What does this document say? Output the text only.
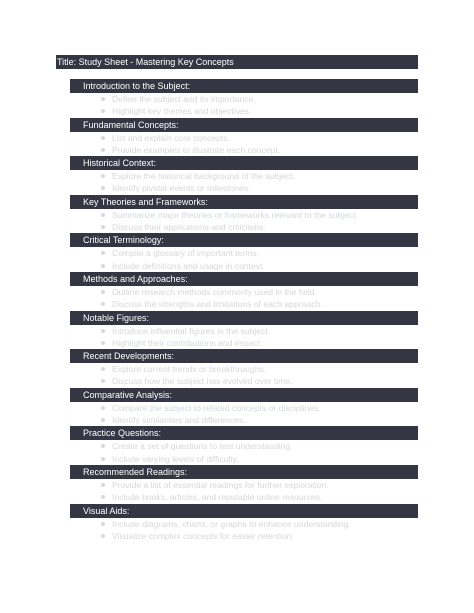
Title: Study Sheet - Mastering Key Concepts
Introduction to the Subject:
Define the subject and its importance.
Highlight key themes and objectives.
Fundamental Concepts:
List and explain core concepts.
Provide examples to illustrate each concept.
Historical Context:
Explore the historical background of the subject.
Identify pivotal events or milestones.
Key Theories and Frameworks:
Summarize major theories or frameworks relevant to the subject.
Discuss their applications and criticisms.
Critical Terminology:
Compile a glossary of important terms.
Include definitions and usage in context.
Methods and Approaches:
Outline research methods commonly used in the field.
Discuss the strengths and limitations of each approach.
Notable Figures:
Introduce influential figures in the subject.
Highlight their contributions and impact.
Recent Developments:
Explore current trends or breakthroughs.
Discuss how the subject has evolved over time.
Comparative Analysis:
Compare the subject to related concepts or disciplines.
Identify similarities and differences.
Practice Questions:
Create a set of questions to test understanding.
Include varying levels of difficulty.
Recommended Readings:
Provide a list of essential readings for further exploration.
Include books, articles, and reputable online resources.
Visual Aids:
Include diagrams, charts, or graphs to enhance understanding.
Visualize complex concepts for easier retention.
